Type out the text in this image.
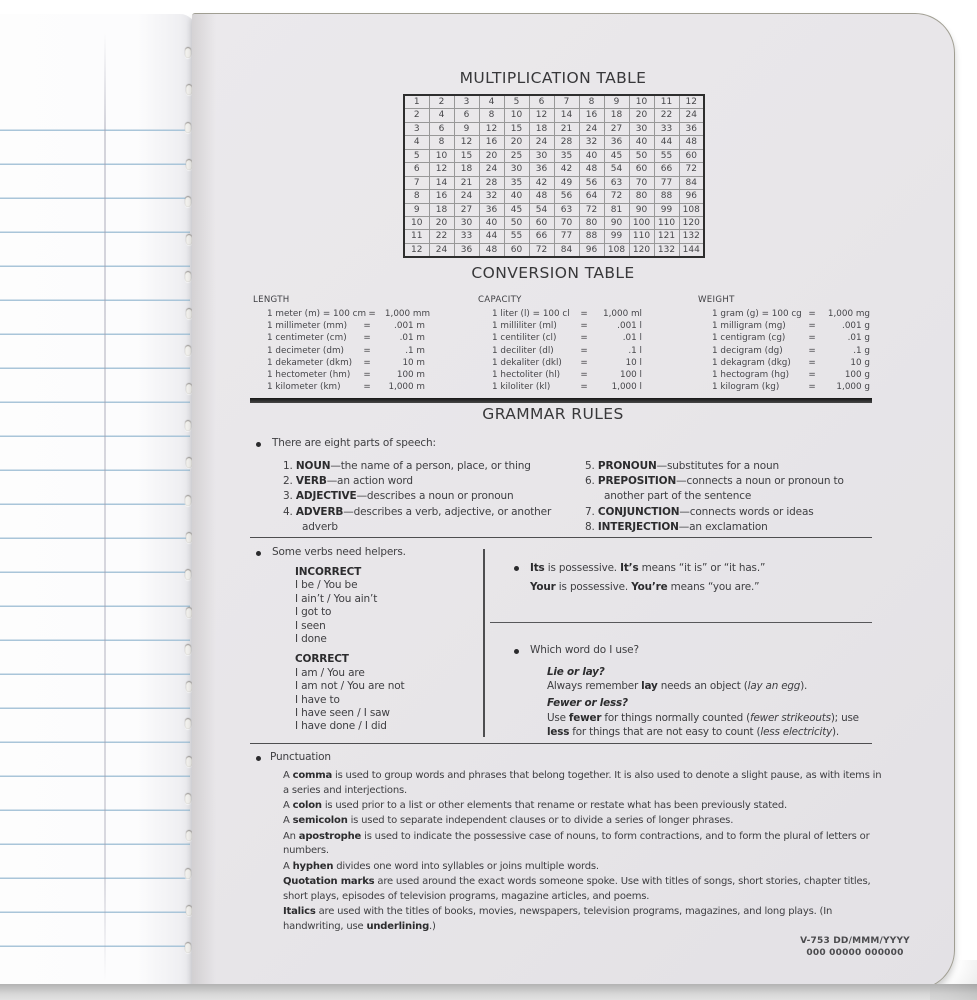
MULTIPLICATION TABLE
1	2	3	4	5	6	7	8	9	10	11	12
2	4	6	8	10	12	14	16	18	20	22	24
3	6	9	12	15	18	21	24	27	30	33	36
4	8	12	16	20	24	28	32	36	40	44	48
5	10	15	20	25	30	35	40	45	50	55	60
6	12	18	24	30	36	42	48	54	60	66	72
7	14	21	28	35	42	49	56	63	70	77	84
8	16	24	32	40	48	56	64	72	80	88	96
9	18	27	36	45	54	63	72	81	90	99	108
10	20	30	40	50	60	70	80	90	100	110	120
11	22	33	44	55	66	77	88	99	110	121	132
12	24	36	48	60	72	84	96	108	120	132	144
CONVERSION TABLE
LENGTH
1 meter (m) = 100 cm =	1,000 mm
1 millimeter (mm)	=	.001 m
1 centimeter (cm)	=	.01 m
1 decimeter (dm)	=	.1 m
1 dekameter (dkm)	=	10 m
1 hectometer (hm)	=	100 m
1 kilometer (km)	=	1,000 m
CAPACITY
1 liter (l) = 100 cl	=	1,000 ml
1 milliliter (ml)	=	.001 l
1 centiliter (cl)	=	.01 l
1 deciliter (dl)	=	.1 l
1 dekaliter (dkl)	=	10 l
1 hectoliter (hl)	=	100 l
1 kiloliter (kl)	=	1,000 l
WEIGHT
1 gram (g) = 100 cg =	1,000 mg
1 milligram (mg)	=	.001 g
1 centigram (cg)	=	.01 g
1 decigram (dg)	=	.1 g
1 dekagram (dkg)	=	10 g
1 hectogram (hg)	=	100 g
1 kilogram (kg)	=	1,000 g
GRAMMAR RULES
There are eight parts of speech:
1. NOUN—the name of a person, place, or thing
2. VERB—an action word
3. ADJECTIVE—describes a noun or pronoun
4. ADVERB—describes a verb, adjective, or another adverb
5. PRONOUN—substitutes for a noun
6. PREPOSITION—connects a noun or pronoun to another part of the sentence
7. CONJUNCTION—connects words or ideas
8. INTERJECTION—an exclamation
Some verbs need helpers.
INCORRECT
I be / You be
I ain’t / You ain’t
I got to
I seen
I done
CORRECT
I am / You are
I am not / You are not
I have to
I have seen / I saw
I have done / I did
Its is possessive. It’s means “it is” or “it has.”
Your is possessive. You’re means “you are.”
Which word do I use?
Lie or lay?
Always remember lay needs an object (lay an egg).
Fewer or less?
Use fewer for things normally counted (fewer strikeouts); use
less for things that are not easy to count (less electricity).
Punctuation

A comma is used to group words and phrases that belong together. It is also used to denote a slight pause, as with items in a series and interjections.

A colon is used prior to a list or other elements that rename or restate what has been previously stated.

A semicolon is used to separate independent clauses or to divide a series of longer phrases.

An apostrophe is used to indicate the possessive case of nouns, to form contractions, and to form the plural of letters or numbers.

A hyphen divides one word into syllables or joins multiple words.

Quotation marks are used around the exact words someone spoke. Use with titles of songs, short stories, chapter titles, short plays, episodes of television programs, magazine articles, and poems.

Italics are used with the titles of books, movies, newspapers, television programs, magazines, and long plays. (In handwriting, use underlining.)

V-753 DD/MMM/YYYY
000 00000 000000
